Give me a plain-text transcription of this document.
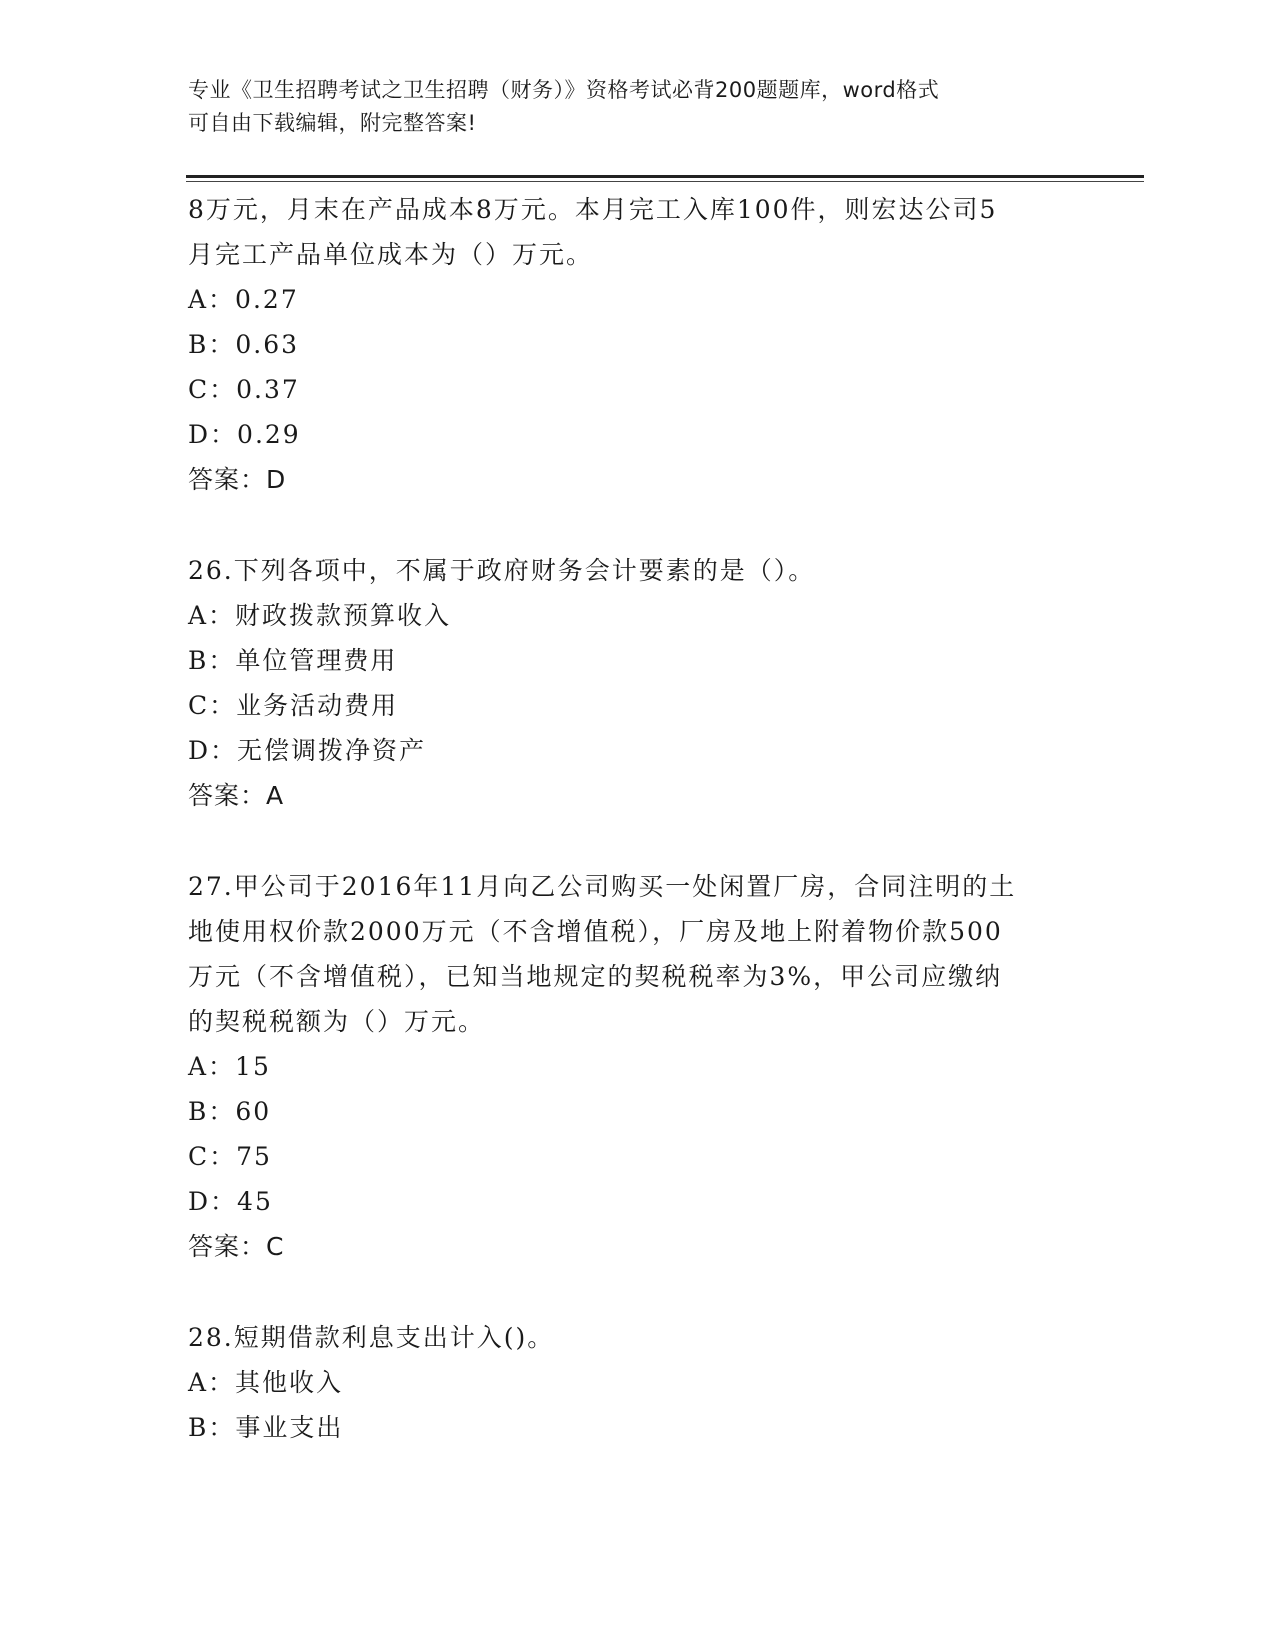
专业《卫生招聘考试之卫生招聘（财务）》资格考试必背200题题库，word格式
可自由下载编辑，附完整答案!
8万元，月末在产品成本8万元。本月完工入库100件，则宏达公司5
月完工产品单位成本为（）万元。
A：0.27
B：0.63
C：0.37
D：0.29
答案：D
26.下列各项中，不属于政府财务会计要素的是（）。
A：财政拨款预算收入
B：单位管理费用
C：业务活动费用
D：无偿调拨净资产
答案：A
27.甲公司于2016年11月向乙公司购买一处闲置厂房，合同注明的土
地使用权价款2000万元（不含增值税），厂房及地上附着物价款500
万元（不含增值税），已知当地规定的契税税率为3%，甲公司应缴纳
的契税税额为（）万元。
A：15
B：60
C：75
D：45
答案：C
28.短期借款利息支出计入()。
A：其他收入
B：事业支出
